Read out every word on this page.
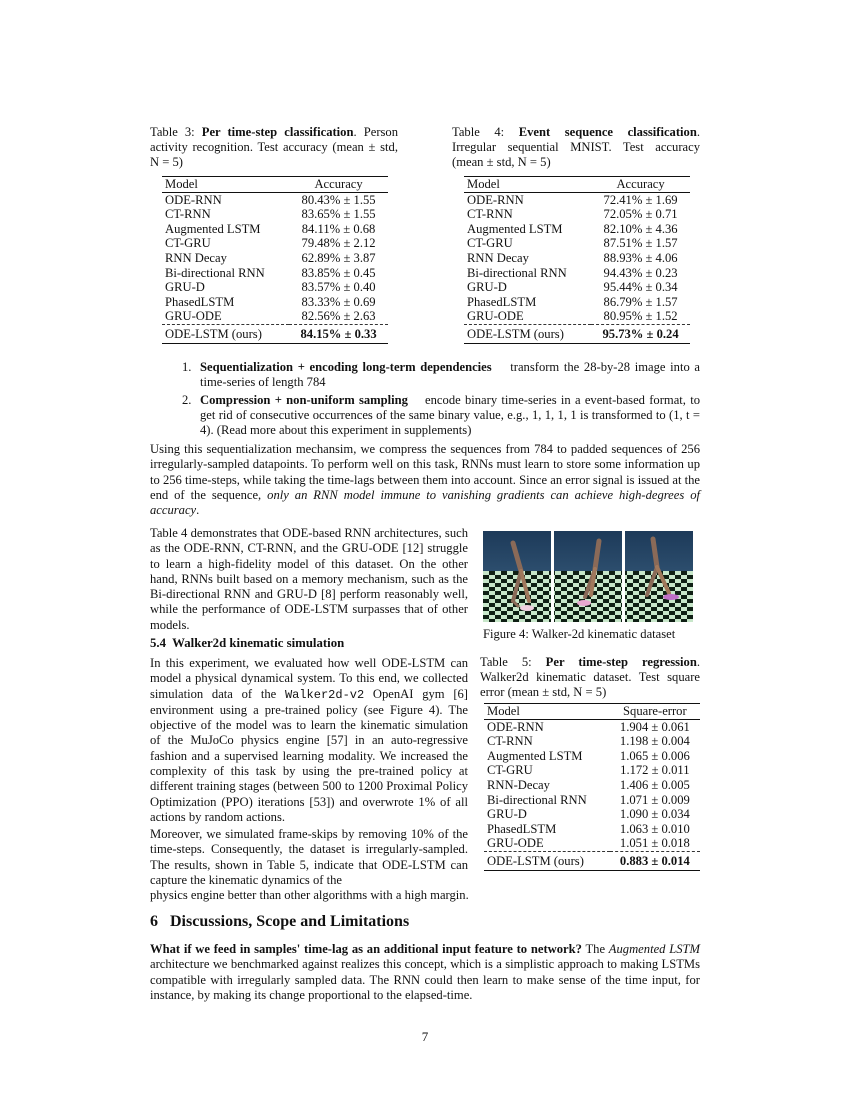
Table 3: Per time-step classification. Person activity recognition. Test accuracy (mean ± std, N = 5)
Model	Accuracy
ODE-RNN	80.43% ± 1.55
CT-RNN	83.65% ± 1.55
Augmented LSTM	84.11% ± 0.68
CT-GRU	79.48% ± 2.12
RNN Decay	62.89% ± 3.87
Bi-directional RNN	83.85% ± 0.45
GRU-D	83.57% ± 0.40
PhasedLSTM	83.33% ± 0.69
GRU-ODE	82.56% ± 2.63
ODE-LSTM (ours)	84.15% ± 0.33
Table 4: Event sequence classification. Irregular sequential MNIST. Test accuracy (mean ± std, N = 5)
Model	Accuracy
ODE-RNN	72.41% ± 1.69
CT-RNN	72.05% ± 0.71
Augmented LSTM	82.10% ± 4.36
CT-GRU	87.51% ± 1.57
RNN Decay	88.93% ± 4.06
Bi-directional RNN	94.43% ± 0.23
GRU-D	95.44% ± 0.34
PhasedLSTM	86.79% ± 1.57
GRU-ODE	80.95% ± 1.52
ODE-LSTM (ours)	95.73% ± 0.24
1. Sequentialization + encoding long-term dependencies transform the 28-by-28 image into a time-series of length 784
2. Compression + non-uniform sampling encode binary time-series in a event-based format, to get rid of consecutive occurrences of the same binary value, e.g., 1, 1, 1, 1 is transformed to (1, t = 4). (Read more about this experiment in supplements)
Using this sequentialization mechansim, we compress the sequences from 784 to padded sequences of 256 irregularly-sampled datapoints. To perform well on this task, RNNs must learn to store some information up to 256 time-steps, while taking the time-lags between them into account. Since an error signal is issued at the end of the sequence, only an RNN model immune to vanishing gradients can achieve high-degrees of accuracy.
Table 4 demonstrates that ODE-based RNN architectures, such as the ODE-RNN, CT-RNN, and the GRU-ODE [12] struggle to learn a high-fidelity model of this dataset. On the other hand, RNNs built based on a memory mechanism, such as the Bi-directional RNN and GRU-D [8] perform reasonably well, while the performance of ODE-LSTM surpasses that of other models.
Figure 4: Walker-2d kinematic dataset
5.4  Walker2d kinematic simulation
In this experiment, we evaluated how well ODE-LSTM can model a physical dynamical system. To this end, we collected simulation data of the Walker2d-v2 OpenAI gym [6] environment using a pre-trained policy (see Figure 4). The objective of the model was to learn the kinematic simulation of the MuJoCo physics engine [57] in an auto-regressive fashion and a supervised learning modality. We increased the complexity of this task by using the pre-trained policy at different training stages (between 500 to 1200 Proximal Policy Optimization (PPO) iterations [53]) and overwrote 1% of all actions by random actions.
Moreover, we simulated frame-skips by removing 10% of the time-steps. Consequently, the dataset is irregularly-sampled. The results, shown in Table 5, indicate that ODE-LSTM can capture the kinematic dynamics of the
physics engine better than other algorithms with a high margin.
Table 5: Per time-step regression. Walker2d kinematic dataset. Test square error (mean ± std, N = 5)
Model	Square-error
ODE-RNN	1.904 ± 0.061
CT-RNN	1.198 ± 0.004
Augmented LSTM	1.065 ± 0.006
CT-GRU	1.172 ± 0.011
RNN-Decay	1.406 ± 0.005
Bi-directional RNN	1.071 ± 0.009
GRU-D	1.090 ± 0.034
PhasedLSTM	1.063 ± 0.010
GRU-ODE	1.051 ± 0.018
ODE-LSTM (ours)	0.883 ± 0.014
6   Discussions, Scope and Limitations
What if we feed in samples' time-lag as an additional input feature to network? The Augmented LSTM architecture we benchmarked against realizes this concept, which is a simplistic approach to making LSTMs compatible with irregularly sampled data. The RNN could then learn to make sense of the time input, for instance, by making its change proportional to the elapsed-time.
7
